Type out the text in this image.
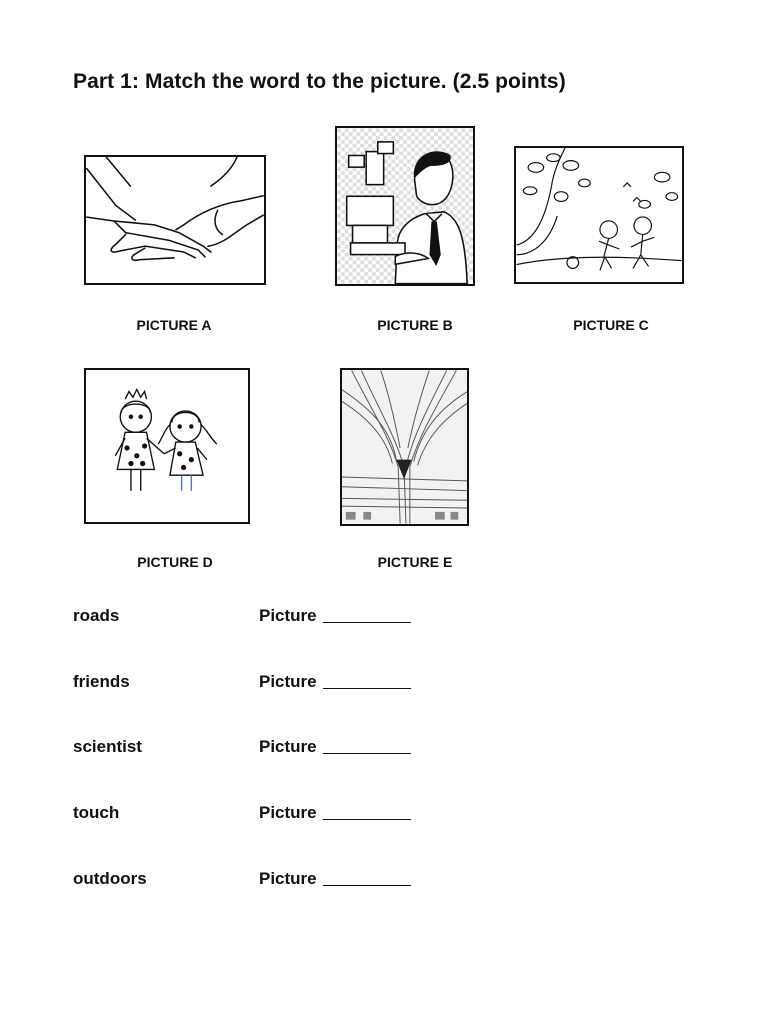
Part 1: Match the word to the picture. (2.5 points)
PICTURE A	PICTURE B	PICTURE C
PICTURE D	PICTURE E
roads	Picture
friends	Picture
scientist	Picture
touch	Picture
outdoors	Picture
